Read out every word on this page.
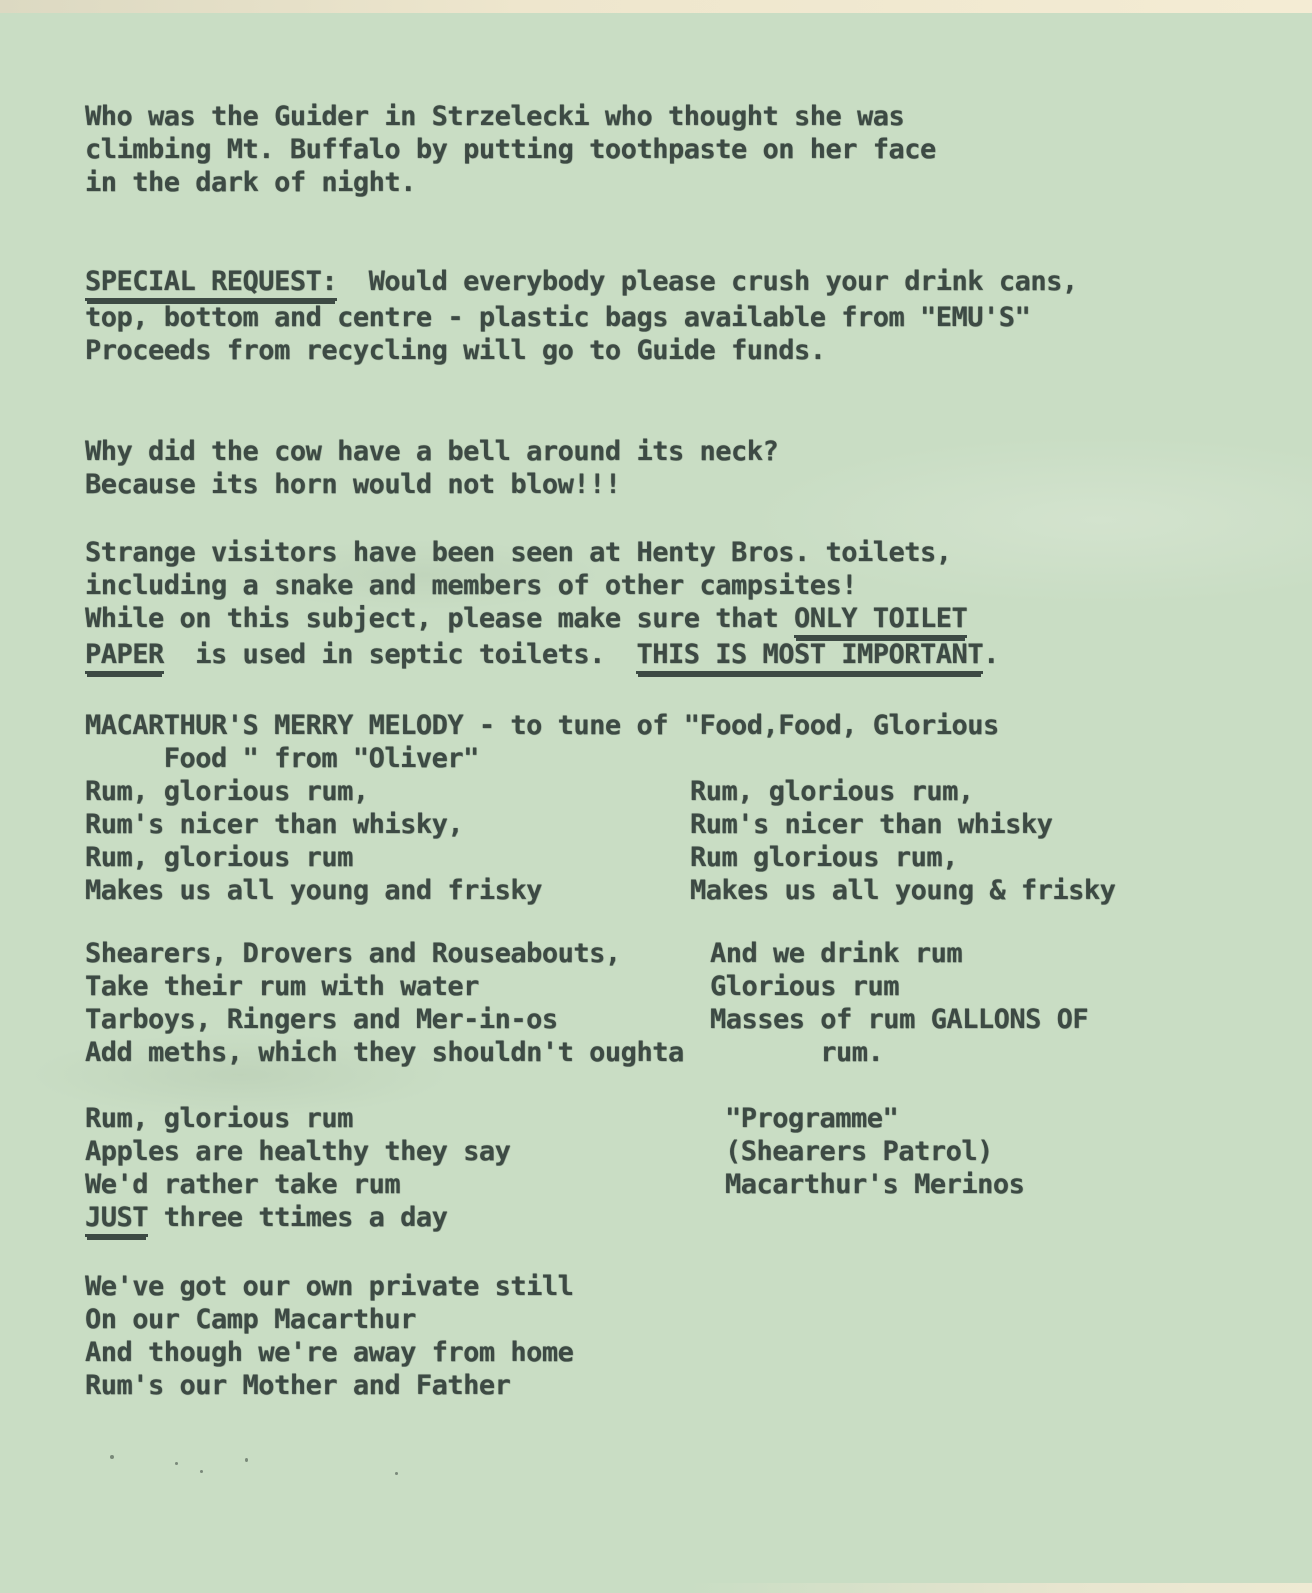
Who was the Guider in Strzelecki who thought she was
climbing Mt. Buffalo by putting toothpaste on her face
in the dark of night.
SPECIAL REQUEST:  Would everybody please crush your drink cans,
top, bottom and centre - plastic bags available from "EMU'S"
Proceeds from recycling will go to Guide funds.
Why did the cow have a bell around its neck?
Because its horn would not blow!!!
Strange visitors have been seen at Henty Bros. toilets,
including a snake and members of other campsites!
While on this subject, please make sure that ONLY TOILET
PAPER  is used in septic toilets.  THIS IS MOST IMPORTANT.
MACARTHUR'S MERRY MELODY - to tune of "Food,Food, Glorious
Food " from "Oliver"
Rum, glorious rum,
Rum's nicer than whisky,
Rum, glorious rum
Makes us all young and frisky
Rum, glorious rum,
Rum's nicer than whisky
Rum glorious rum,
Makes us all young & frisky
Shearers, Drovers and Rouseabouts,
Take their rum with water
Tarboys, Ringers and Mer-in-os
Add meths, which they shouldn't oughta
And we drink rum
Glorious rum
Masses of rum GALLONS OF
rum.
Rum, glorious rum
Apples are healthy they say
We'd rather take rum
JUST three ttimes a day
"Programme"
(Shearers Patrol)
Macarthur's Merinos
We've got our own private still
On our Camp Macarthur
And though we're away from home
Rum's our Mother and Father
